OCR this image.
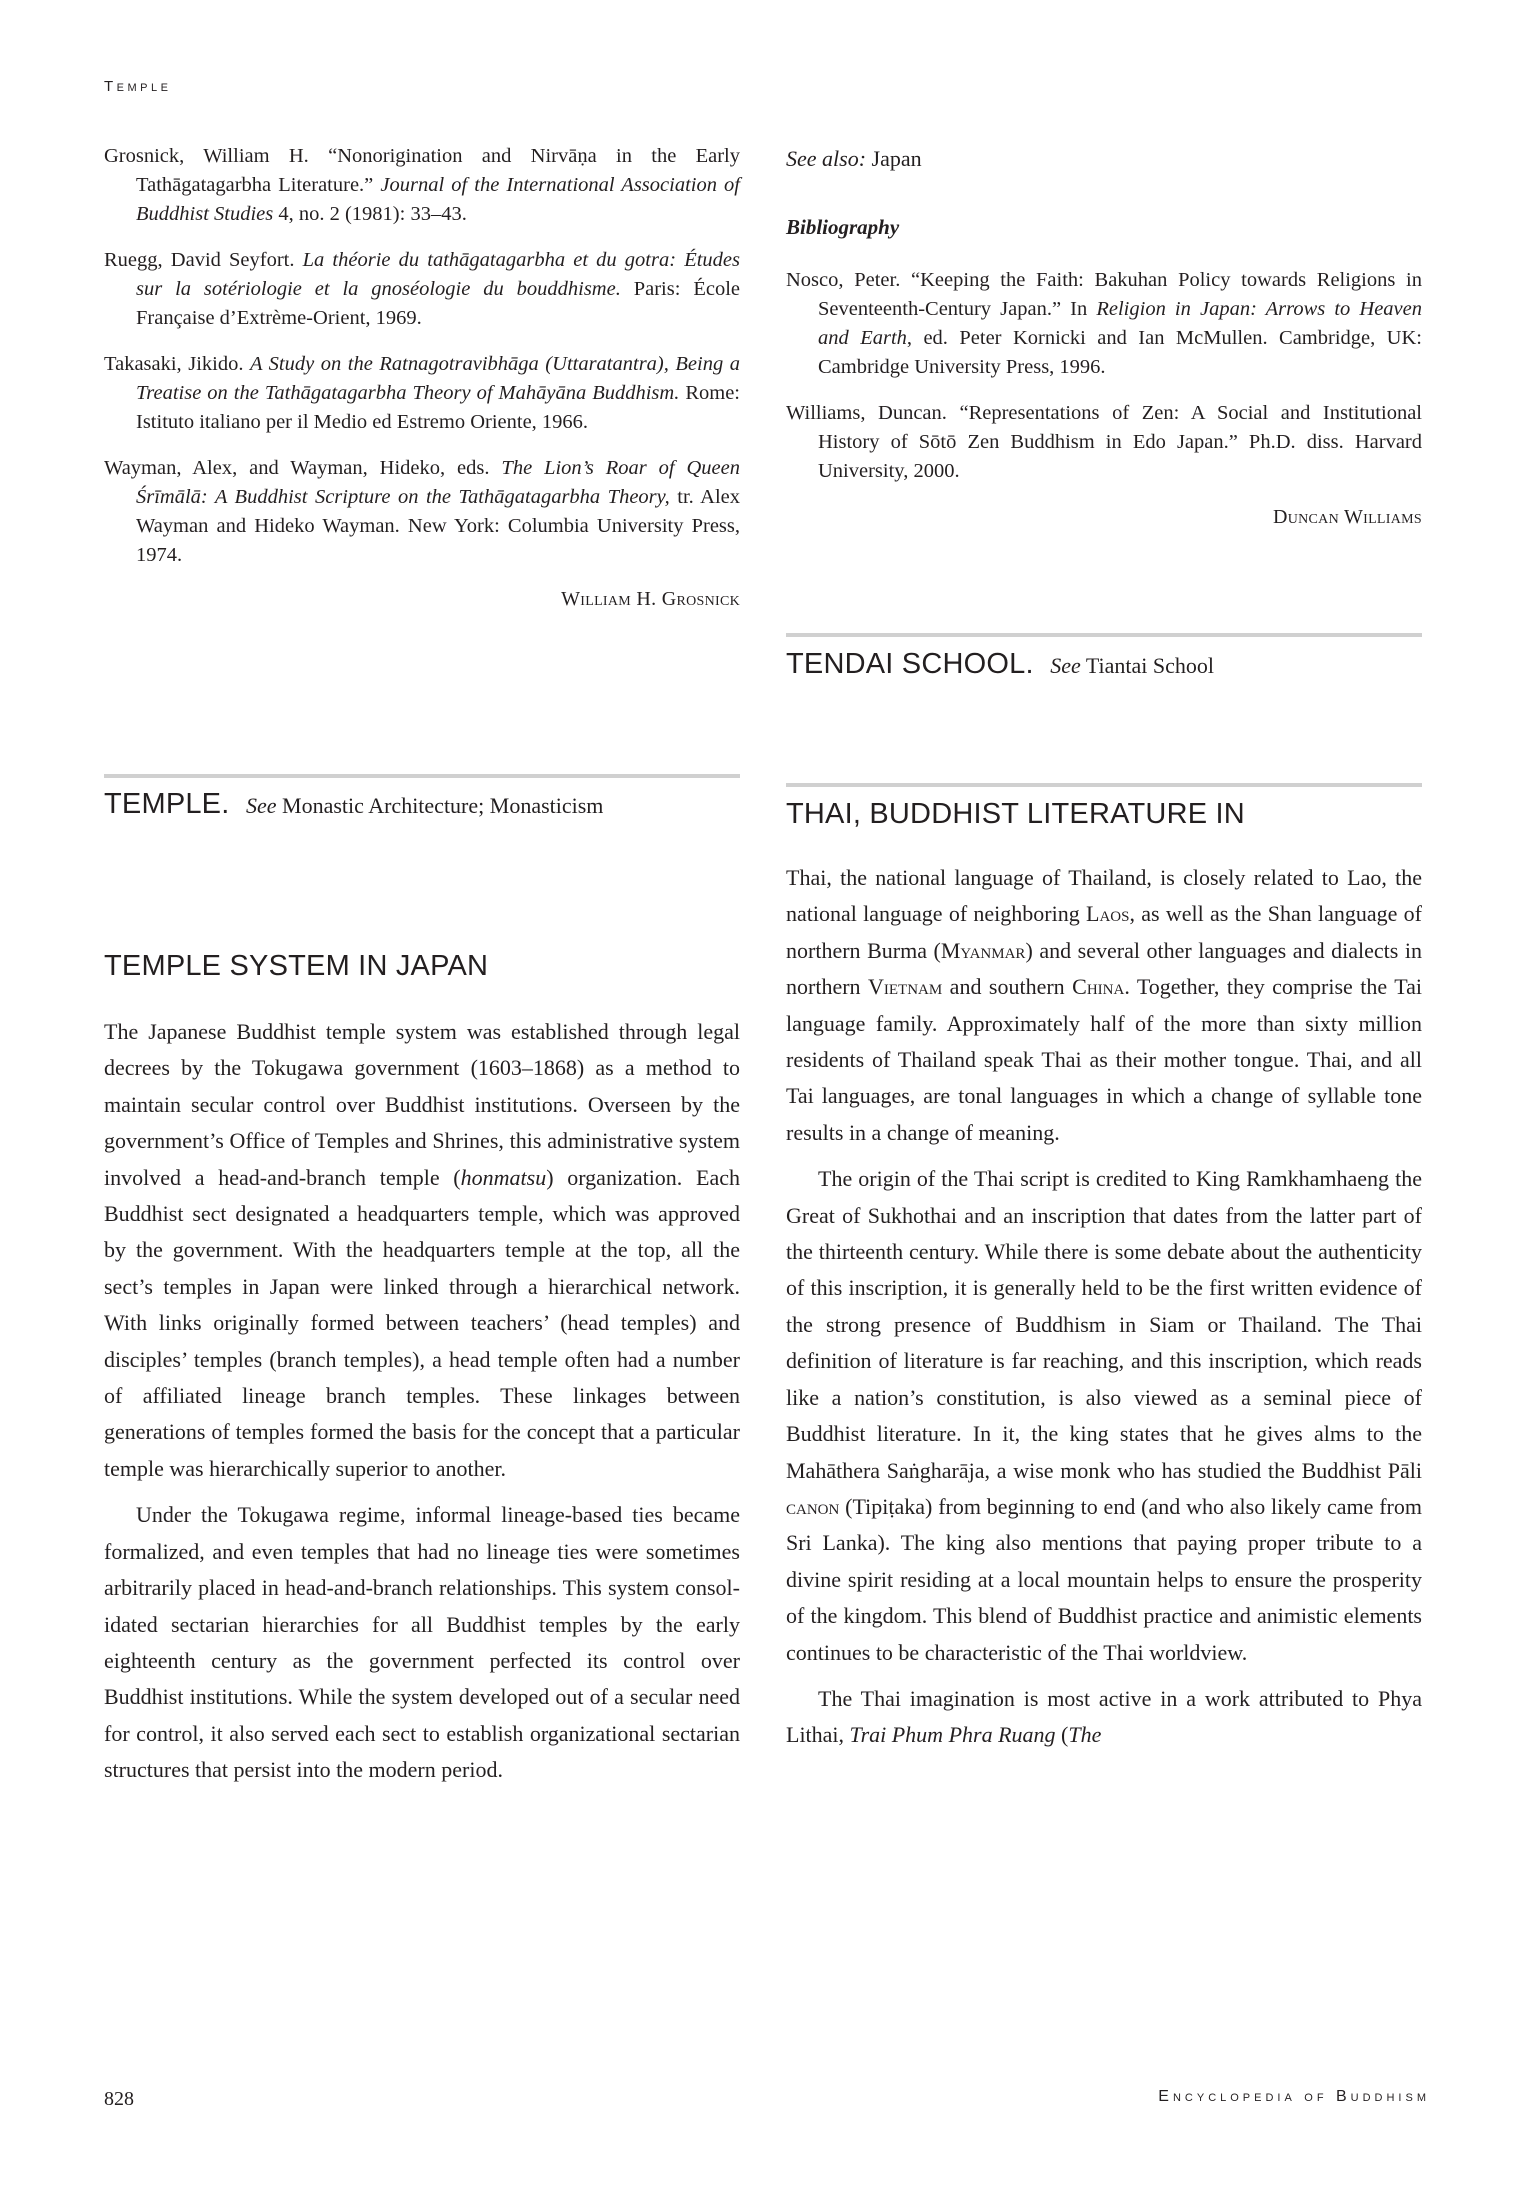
Temple

Grosnick, William H. “Nonorigination and Nirvāṇa in the Early Tathāgatagarbha Literature.” Journal of the International Association of Buddhist Studies 4, no. 2 (1981): 33–43.

Ruegg, David Seyfort. La théorie du tathāgatagarbha et du gotra: Études sur la sotériologie et la gnoséologie du bouddhisme. Paris: École Française d’Extrème-Orient, 1969.

Takasaki, Jikido. A Study on the Ratnagotravibhāga (Uttaratantra), Being a Treatise on the Tathāgatagarbha Theory of Mahāyāna Buddhism. Rome: Istituto italiano per il Medio ed Estremo Oriente, 1966.

Wayman, Alex, and Wayman, Hideko, eds. The Lion’s Roar of Queen Śrīmālā: A Buddhist Scripture on the Tathāgatagarbha Theory, tr. Alex Wayman and Hideko Wayman. New York: Columbia University Press, 1974.

William H. Grosnick
TEMPLE. See Monastic Architecture; Monasticism
TEMPLE SYSTEM IN JAPAN

The Japanese Buddhist temple system was established through legal decrees by the Tokugawa government (1603–1868) as a method to maintain secular control over Buddhist institutions. Overseen by the government’s Office of Temples and Shrines, this administrative system involved a head-and-branch temple (honmatsu) organization. Each Buddhist sect designated a headquarters temple, which was approved by the government. With the headquarters temple at the top, all the sect’s temples in Japan were linked through a hierarchical network. With links originally formed between teachers’ (head temples) and disciples’ temples (branch temples), a head temple often had a number of affiliated lineage branch temples. These linkages between generations of temples formed the basis for the concept that a particular temple was hierarchically superior to another.

Under the Tokugawa regime, informal lineage-based ties became formalized, and even temples that had no lineage ties were sometimes arbitrarily placed in head-and-branch relationships. This system consolidated sectarian hierarchies for all Buddhist temples by the early eighteenth century as the government perfected its control over Buddhist institutions. While the system developed out of a secular need for control, it also served each sect to establish organizational sectarian structures that persist into the modern period.

See also: Japan
Bibliography

Nosco, Peter. “Keeping the Faith: Bakuhan Policy towards Religions in Seventeenth-Century Japan.” In Religion in Japan: Arrows to Heaven and Earth, ed. Peter Kornicki and Ian McMullen. Cambridge, UK: Cambridge University Press, 1996.

Williams, Duncan. “Representations of Zen: A Social and Institutional History of Sōtō Zen Buddhism in Edo Japan.” Ph.D. diss. Harvard University, 2000.

Duncan Williams
TENDAI SCHOOL. See Tiantai School
THAI, BUDDHIST LITERATURE IN

Thai, the national language of Thailand, is closely related to Lao, the national language of neighboring Laos, as well as the Shan language of northern Burma (Myanmar) and several other languages and dialects in northern Vietnam and southern China. Together, they comprise the Tai language family. Approximately half of the more than sixty million residents of Thailand speak Thai as their mother tongue. Thai, and all Tai languages, are tonal languages in which a change of syllable tone results in a change of meaning.

The origin of the Thai script is credited to King Ramkhamhaeng the Great of Sukhothai and an inscription that dates from the latter part of the thirteenth century. While there is some debate about the authenticity of this inscription, it is generally held to be the first written evidence of the strong presence of Buddhism in Siam or Thailand. The Thai definition of literature is far reaching, and this inscription, which reads like a nation’s constitution, is also viewed as a seminal piece of Buddhist literature. In it, the king states that he gives alms to the Mahāthera Saṅgharāja, a wise monk who has studied the Buddhist Pāli canon (Tipiṭaka) from beginning to end (and who also likely came from Sri Lanka). The king also mentions that paying proper tribute to a divine spirit residing at a local mountain helps to ensure the prosperity of the kingdom. This blend of Buddhist practice and animistic elements continues to be characteristic of the Thai worldview.

The Thai imagination is most active in a work attributed to Phya Lithai, Trai Phum Phra Ruang (The

828	Encyclopedia of Buddhism
